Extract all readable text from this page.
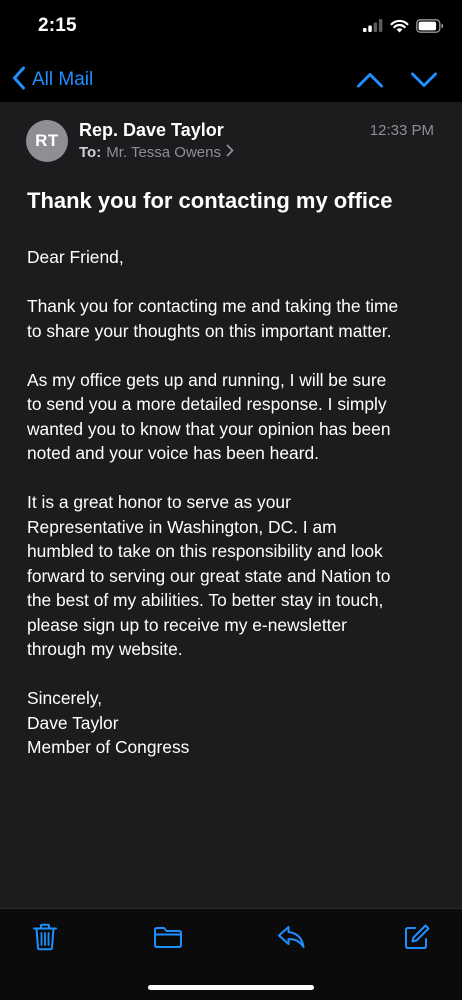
2:15
All Mail
RT
Rep. Dave Taylor
To: Mr. Tessa Owens
12:33 PM
Thank you for contacting my office

Dear Friend,

Thank you for contacting me and taking the time
to share your thoughts on this important matter.

As my office gets up and running, I will be sure
to send you a more detailed response. I simply
wanted you to know that your opinion has been
noted and your voice has been heard.

It is a great honor to serve as your
Representative in Washington, DC. I am
humbled to take on this responsibility and look
forward to serving our great state and Nation to
the best of my abilities. To better stay in touch,
please sign up to receive my e-newsletter
through my website.

Sincerely,
Dave Taylor
Member of Congress
